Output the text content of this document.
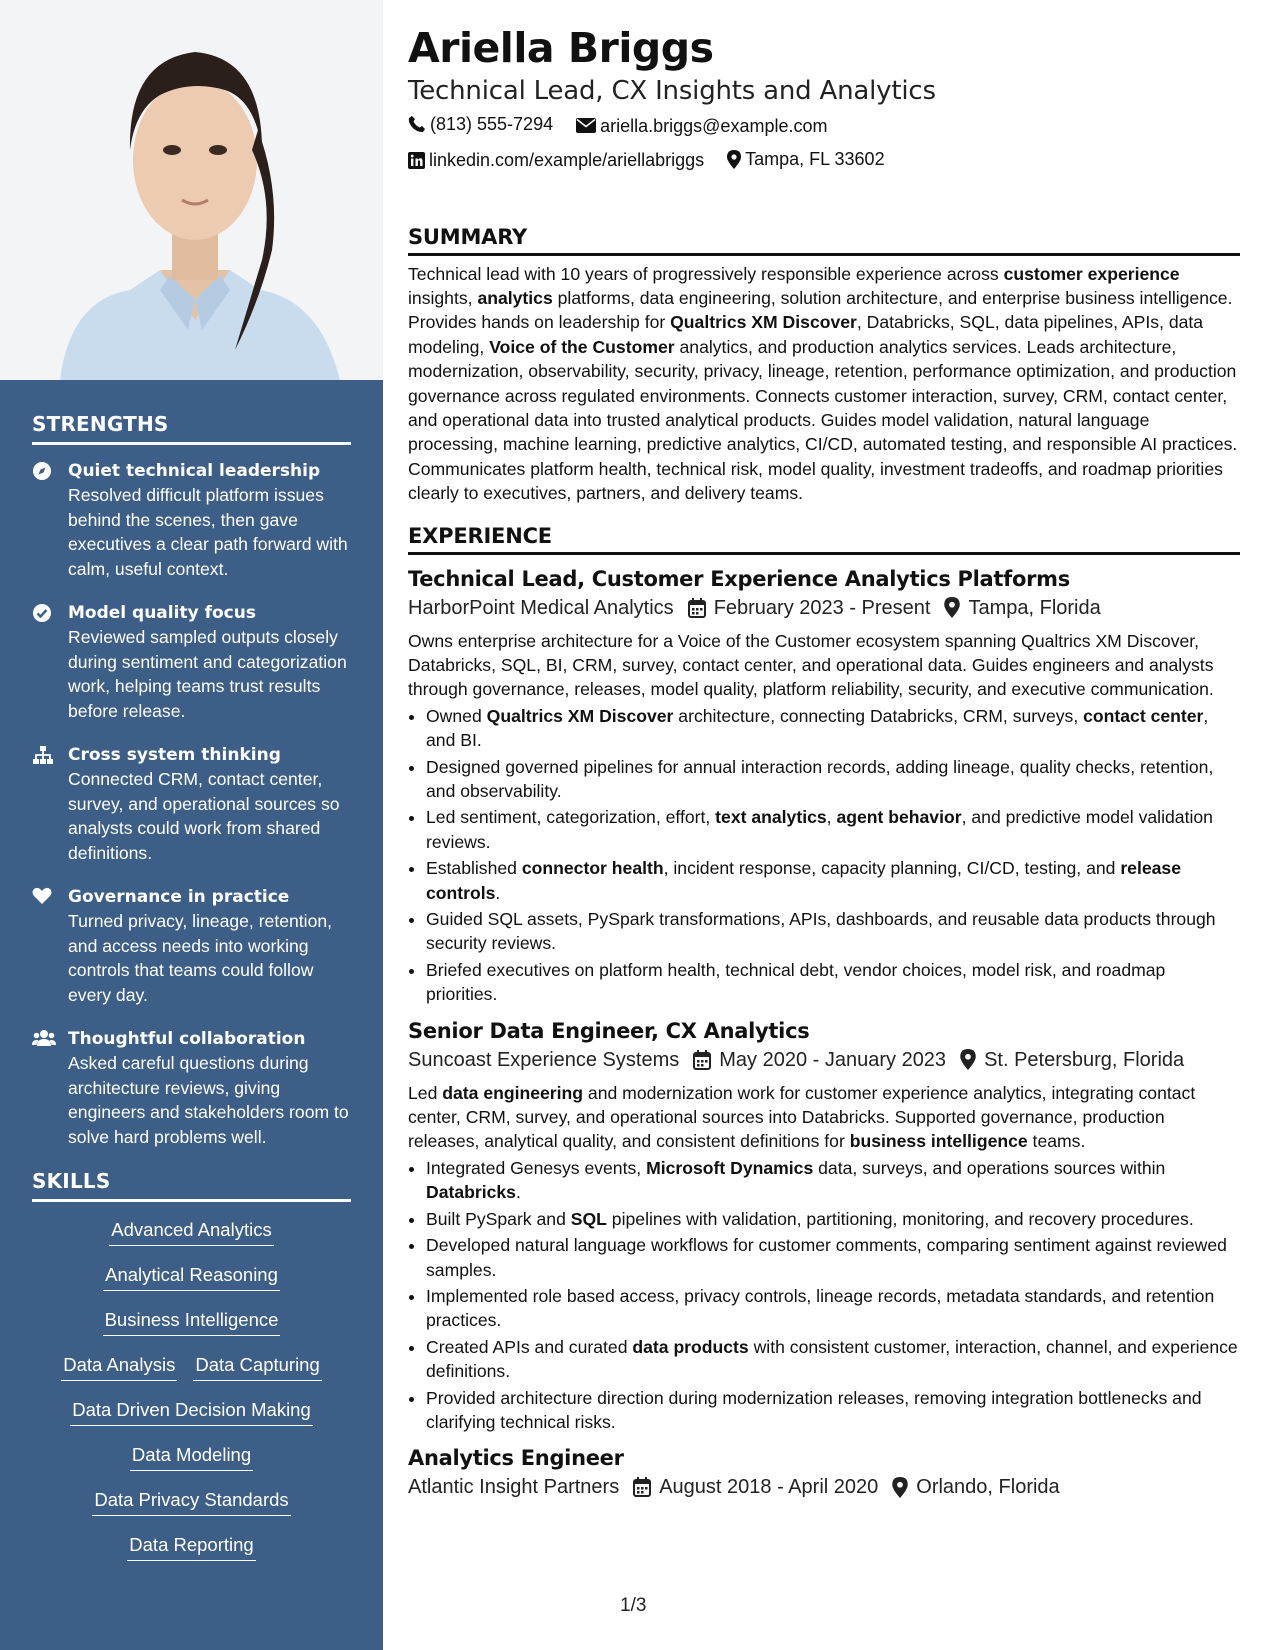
STRENGTHS
Quiet technical leadership
Resolved difficult platform issues behind the scenes, then gave executives a clear path forward with calm, useful context.
Model quality focus
Reviewed sampled outputs closely during sentiment and categorization work, helping teams trust results before release.
Cross system thinking
Connected CRM, contact center, survey, and operational sources so analysts could work from shared definitions.
Governance in practice
Turned privacy, lineage, retention, and access needs into working controls that teams could follow every day.
Thoughtful collaboration
Asked careful questions during architecture reviews, giving engineers and stakeholders room to solve hard problems well.
SKILLS
Advanced Analytics
Analytical Reasoning
Business Intelligence
Data Analysis Data Capturing
Data Driven Decision Making
Data Modeling
Data Privacy Standards
Data Reporting
Ariella Briggs
Technical Lead, CX Insights and Analytics
(813) 555-7294
	ariella.briggs@example.com
linkedin.com/example/ariellabriggs
Tampa, FL 33602
SUMMARY
Technical lead with 10 years of progressively responsible experience across customer experience insights, analytics platforms, data engineering, solution architecture, and enterprise business intelligence. Provides hands on leadership for Qualtrics XM Discover, Databricks, SQL, data pipelines, APIs, data modeling, Voice of the Customer analytics, and production analytics services. Leads architecture, modernization, observability, security, privacy, lineage, retention, performance optimization, and production governance across regulated environments. Connects customer interaction, survey, CRM, contact center, and operational data into trusted analytical products. Guides model validation, natural language processing, machine learning, predictive analytics, CI/CD, automated testing, and responsible AI practices. Communicates platform health, technical risk, model quality, investment tradeoffs, and roadmap priorities clearly to executives, partners, and delivery teams.
EXPERIENCE
Technical Lead, Customer Experience Analytics Platforms
HarborPoint Medical Analytics February 2023 - Present Tampa, Florida
Owns enterprise architecture for a Voice of the Customer ecosystem spanning Qualtrics XM Discover, Databricks, SQL, BI, CRM, survey, contact center, and operational data. Guides engineers and analysts through governance, releases, model quality, platform reliability, security, and executive communication.
• Owned Qualtrics XM Discover architecture, connecting Databricks, CRM, surveys, contact center, and BI.
• Designed governed pipelines for annual interaction records, adding lineage, quality checks, retention, and observability.
• Led sentiment, categorization, effort, text analytics, agent behavior, and predictive model validation reviews.
• Established connector health, incident response, capacity planning, CI/CD, testing, and release controls.
• Guided SQL assets, PySpark transformations, APIs, dashboards, and reusable data products through security reviews.
• Briefed executives on platform health, technical debt, vendor choices, model risk, and roadmap priorities.
Senior Data Engineer, CX Analytics
Suncoast Experience Systems May 2020 - January 2023 St. Petersburg, Florida
Led data engineering and modernization work for customer experience analytics, integrating contact center, CRM, survey, and operational sources into Databricks. Supported governance, production releases, analytical quality, and consistent definitions for business intelligence teams.
• Integrated Genesys events, Microsoft Dynamics data, surveys, and operations sources within Databricks.
• Built PySpark and SQL pipelines with validation, partitioning, monitoring, and recovery procedures.
• Developed natural language workflows for customer comments, comparing sentiment against reviewed samples.
• Implemented role based access, privacy controls, lineage records, metadata standards, and retention practices.
• Created APIs and curated data products with consistent customer, interaction, channel, and experience definitions.
• Provided architecture direction during modernization releases, removing integration bottlenecks and clarifying technical risks.
Analytics Engineer
Atlantic Insight Partners August 2018 - April 2020 Orlando, Florida
1/3
